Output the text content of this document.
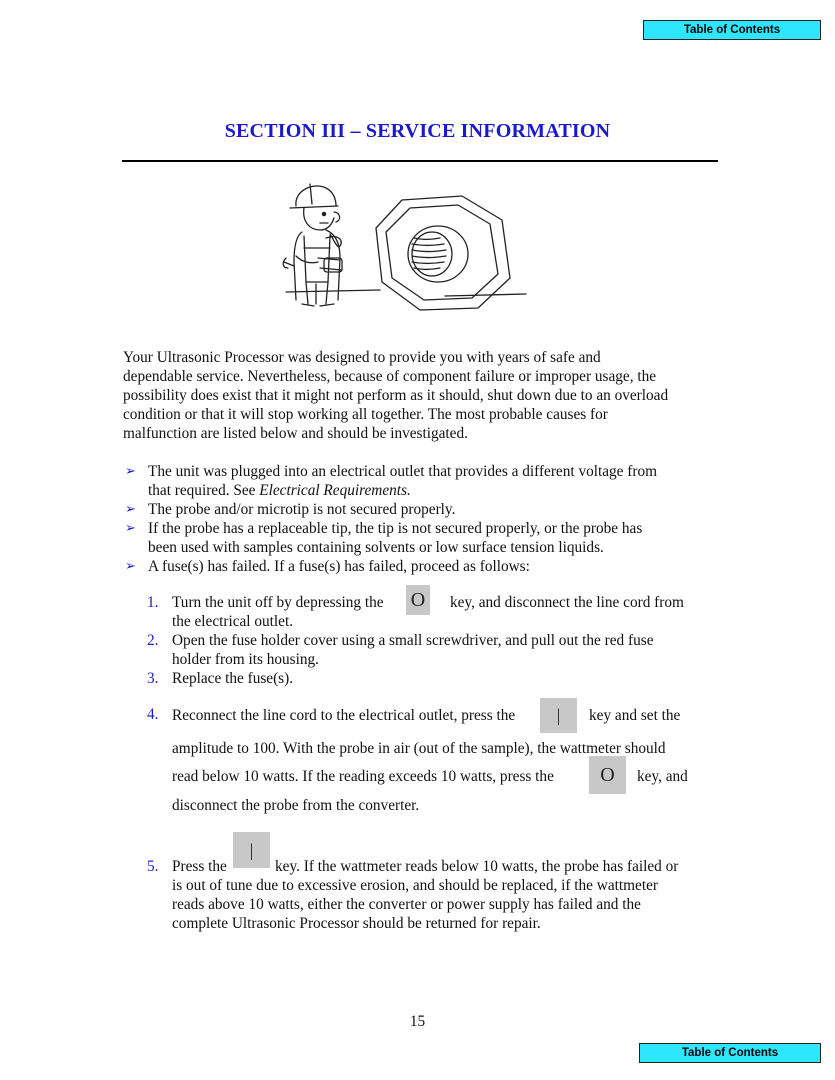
Table of Contents
SECTION III – SERVICE INFORMATION
Your Ultrasonic Processor was designed to provide you with years of safe and
dependable service. Nevertheless, because of component failure or improper usage, the
possibility does exist that it might not perform as it should, shut down due to an overload
condition or that it will stop working all together. The most probable causes for
malfunction are listed below and should be investigated.
➢ The unit was plugged into an electrical outlet that provides a different voltage from
that required. See Electrical Requirements.
➢ The probe and/or microtip is not secured properly.
➢ If the probe has a replaceable tip, the tip is not secured properly, or the probe has
been used with samples containing solvents or low surface tension liquids.
➢ A fuse(s) has failed. If a fuse(s) has failed, proceed as follows:
1. Turn the unit off by depressing the	key, and disconnect the line cord from

the electrical outlet.
O
2. Open the fuse holder cover using a small screwdriver, and pull out the red fuse
holder from its housing.
3. Replace the fuse(s).
4. Reconnect the line cord to the electrical outlet, press the	key and set the
amplitude to 100. With the probe in air (out of the sample), the wattmeter should
read below 10 watts. If the reading exceeds 10 watts, press the	key, and
disconnect the probe from the converter.
|
O
5. Press the	key. If the wattmeter reads below 10 watts, the probe has failed or

is out of tune due to excessive erosion, and should be replaced, if the wattmeter
reads above 10 watts, either the converter or power supply has failed and the
complete Ultrasonic Processor should be returned for repair.
|
15
Table of Contents
